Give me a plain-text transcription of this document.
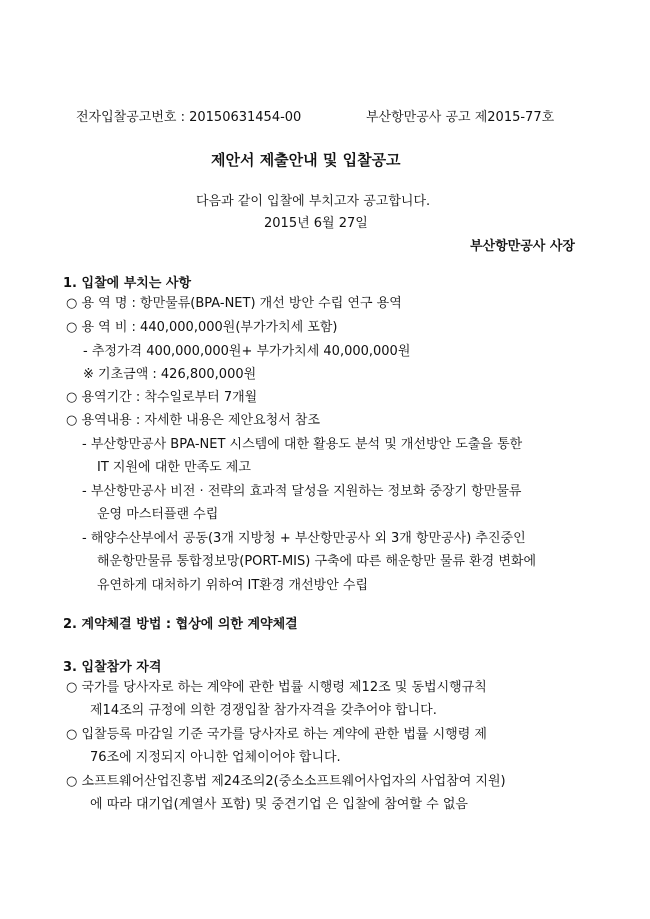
전자입찰공고번호 : 20150631454-00	부산항만공사 공고 제2015-77호
제안서 제출안내 및 입찰공고
다음과 같이 입찰에 부치고자 공고합니다.
2015년 6월 27일
부산항만공사 사장
1. 입찰에 부치는 사항
○ 용 역 명 : 항만물류(BPA-NET) 개선 방안 수립 연구 용역
○ 용 역 비 : 440,000,000원(부가가치세 포함)
- 추정가격 400,000,000원+ 부가가치세 40,000,000원
※ 기초금액 : 426,800,000원
○ 용역기간 : 착수일로부터 7개월
○ 용역내용 : 자세한 내용은 제안요청서 참조
- 부산항만공사 BPA-NET 시스템에 대한 활용도 분석 및 개선방안 도출을 통한
IT 지원에 대한 만족도 제고
- 부산항만공사 비전 · 전략의 효과적 달성을 지원하는 정보화 중장기 항만물류
운영 마스터플랜 수립
- 해양수산부에서 공동(3개 지방청 + 부산항만공사 외 3개 항만공사) 추진중인
해운항만물류 통합정보망(PORT-MIS) 구축에 따른 해운항만 물류 환경 변화에
유연하게 대처하기 위하여 IT환경 개선방안 수립
2. 계약체결 방법 : 협상에 의한 계약체결
3. 입찰참가 자격
○ 국가를 당사자로 하는 계약에 관한 법률 시행령 제12조 및 동법시행규칙
제14조의 규정에 의한 경쟁입찰 참가자격을 갖추어야 합니다.
○ 입찰등록 마감일 기준 국가를 당사자로 하는 계약에 관한 법률 시행령 제
76조에 지정되지 아니한 업체이어야 합니다.
○ 소프트웨어산업진흥법 제24조의2(중소소프트웨어사업자의 사업참여 지원)
에 따라 대기업(계열사 포함) 및 중견기업 은 입찰에 참여할 수 없음
